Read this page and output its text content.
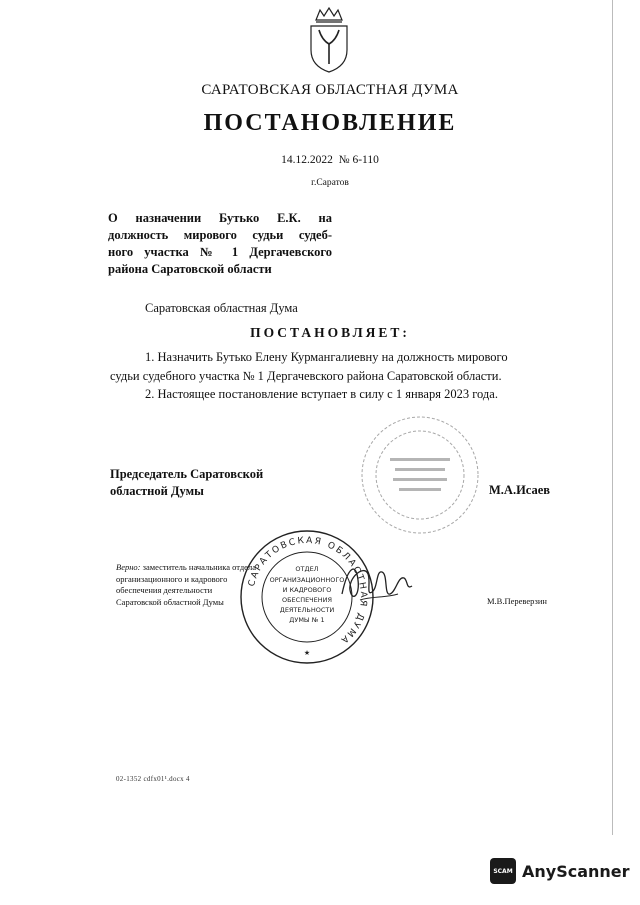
САРАТОВСКАЯ ОБЛАСТНАЯ ДУМА
ПОСТАНОВЛЕНИЕ
14.12.2022 № 6-110
г.Саратов
О назначении Бутько Е.К. на
должность мирового судьи судеб-
ного участка № 1 Дергачевского
района Саратовской области
Саратовская областная Дума
ПОСТАНОВЛЯЕТ:
1. Назначить Бутько Елену Курмангалиевну на должность мирового
судьи судебного участка № 1 Дергачевского района Саратовской области.
2. Настоящее постановление вступает в силу с 1 января 2023 года.
Председатель Саратовской
областной Думы	М.А.Исаев
Верно: заместитель начальника отдела
организационного и кадрового
обеспечения деятельности
Саратовской областной Думы	М.В.Переверзин
САРАТОВСКАЯ ОБЛАСТНАЯ ДУМА
ОТДЕЛ
ОРГАНИЗАЦИОННОГО
И КАДРОВОГО
ОБЕСПЕЧЕНИЯ
ДЕЯТЕЛЬНОСТИ
ДУМЫ № 1
★
02-1352 cdfx01¹.docx 4
SCAM AnyScanner
